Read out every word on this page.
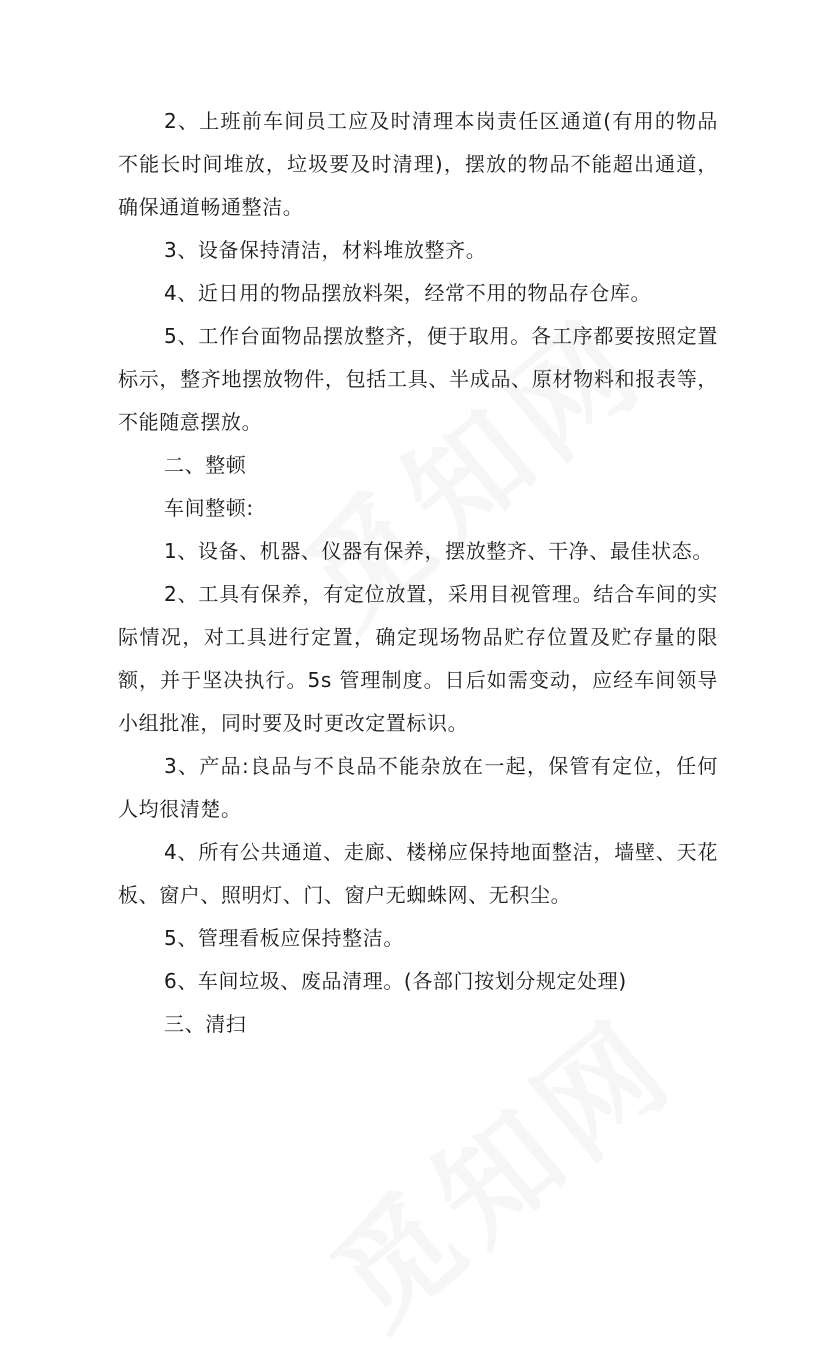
2、上班前车间员工应及时清理本岗责任区通道(有用的物品不能长时间堆放，垃圾要及时清理)，摆放的物品不能超出通道，确保通道畅通整洁。

3、设备保持清洁，材料堆放整齐。

4、近日用的物品摆放料架，经常不用的物品存仓库。

5、工作台面物品摆放整齐，便于取用。各工序都要按照定置标示，整齐地摆放物件，包括工具、半成品、原材物料和报表等，不能随意摆放。

二、整顿

车间整顿:

1、设备、机器、仪器有保养，摆放整齐、干净、最佳状态。

2、工具有保养，有定位放置，采用目视管理。结合车间的实际情况，对工具进行定置，确定现场物品贮存位置及贮存量的限额，并于坚决执行。5s 管理制度。日后如需变动，应经车间领导小组批准，同时要及时更改定置标识。

3、产品:良品与不良品不能杂放在一起，保管有定位，任何人均很清楚。

4、所有公共通道、走廊、楼梯应保持地面整洁，墙壁、天花板、窗户、照明灯、门、窗户无蜘蛛网、无积尘。

5、管理看板应保持整洁。

6、车间垃圾、废品清理。(各部门按划分规定处理)

三、清扫
